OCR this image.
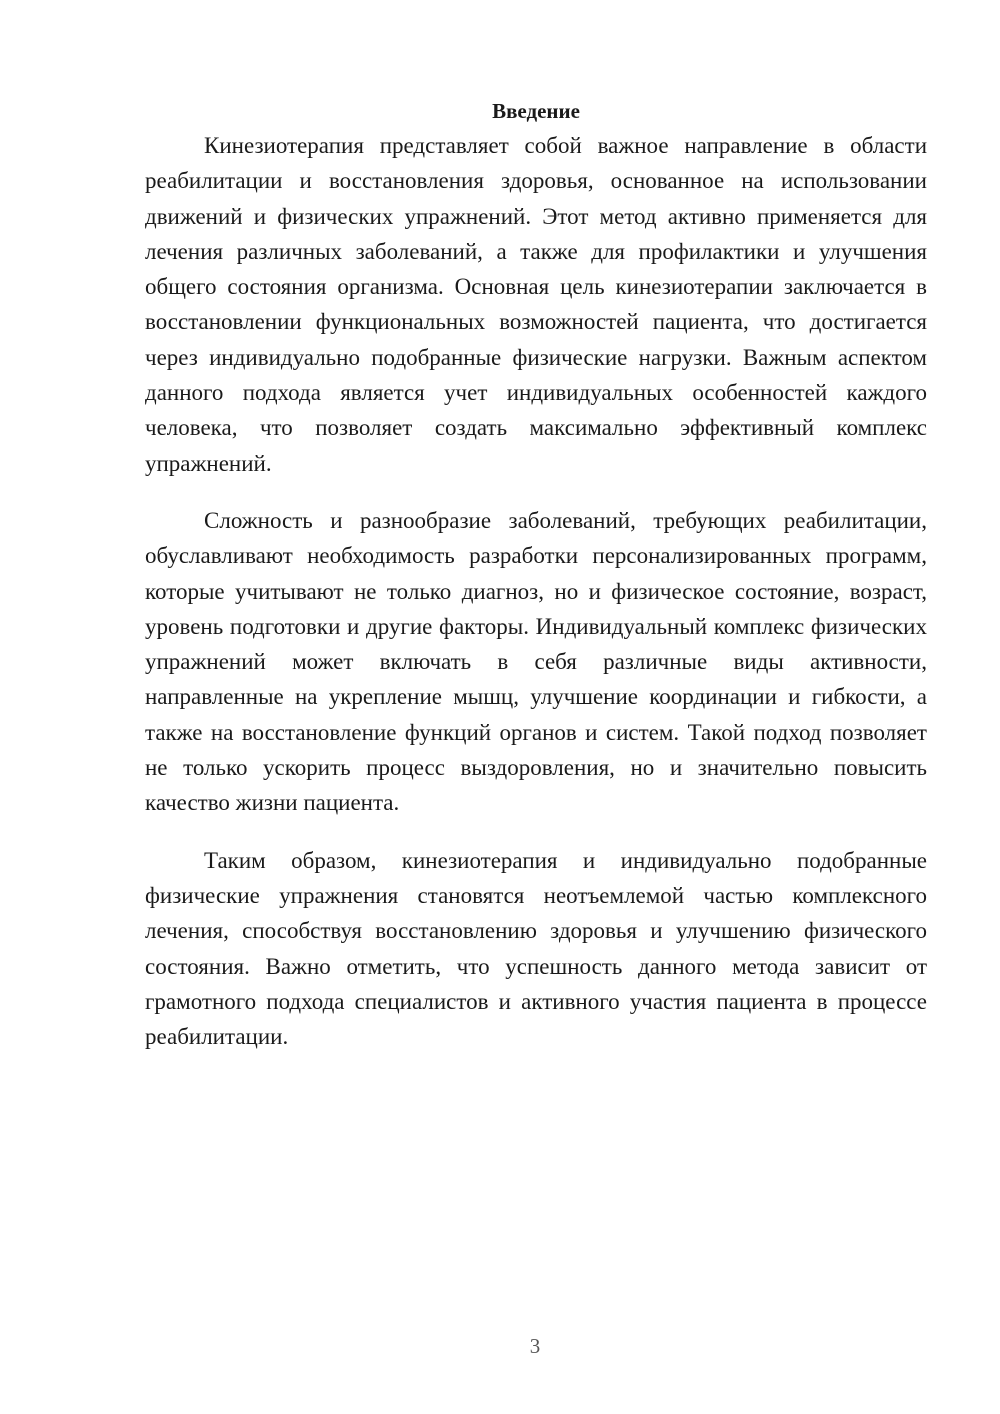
Введение

Кинезиотерапия представляет собой важное направление в области реабилитации и восстановления здоровья, основанное на использовании движений и физических упражнений. Этот метод активно применяется для лечения различных заболеваний, а также для профилактики и улучшения общего состояния организма. Основная цель кинезиотерапии заключается в восстановлении функциональных возможностей пациента, что достигается через индивидуально подобранные физические нагрузки. Важным аспектом данного подхода является учет индивидуальных особенностей каждого человека, что позволяет создать максимально эффективный комплекс упражнений.

Сложность и разнообразие заболеваний, требующих реабилитации, обуславливают необходимость разработки персонализированных программ, которые учитывают не только диагноз, но и физическое состояние, возраст, уровень подготовки и другие факторы. Индивидуальный комплекс физических упражнений может включать в себя различные виды активности, направленные на укрепление мышц, улучшение координации и гибкости, а также на восстановление функций органов и систем. Такой подход позволяет не только ускорить процесс выздоровления, но и значительно повысить качество жизни пациента.

Таким образом, кинезиотерапия и индивидуально подобранные физические упражнения становятся неотъемлемой частью комплексного лечения, способствуя восстановлению здоровья и улучшению физического состояния. Важно отметить, что успешность данного метода зависит от грамотного подхода специалистов и активного участия пациента в процессе реабилитации.

3
